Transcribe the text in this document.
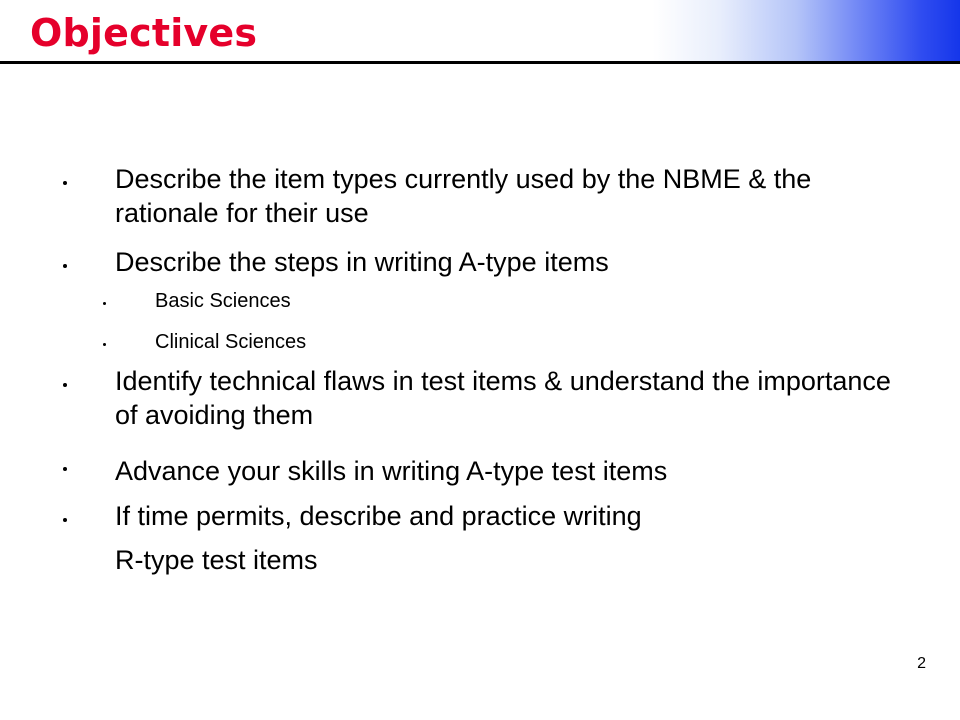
Objectives
Describe the item types currently used by the NBME & the rationale for their use
Describe the steps in writing A-type items
Basic Sciences
Clinical Sciences
Identify technical flaws in test items & understand the importance of avoiding them
Advance your skills in writing A-type test items
If time permits, describe and practice writing
R-type test items
2
